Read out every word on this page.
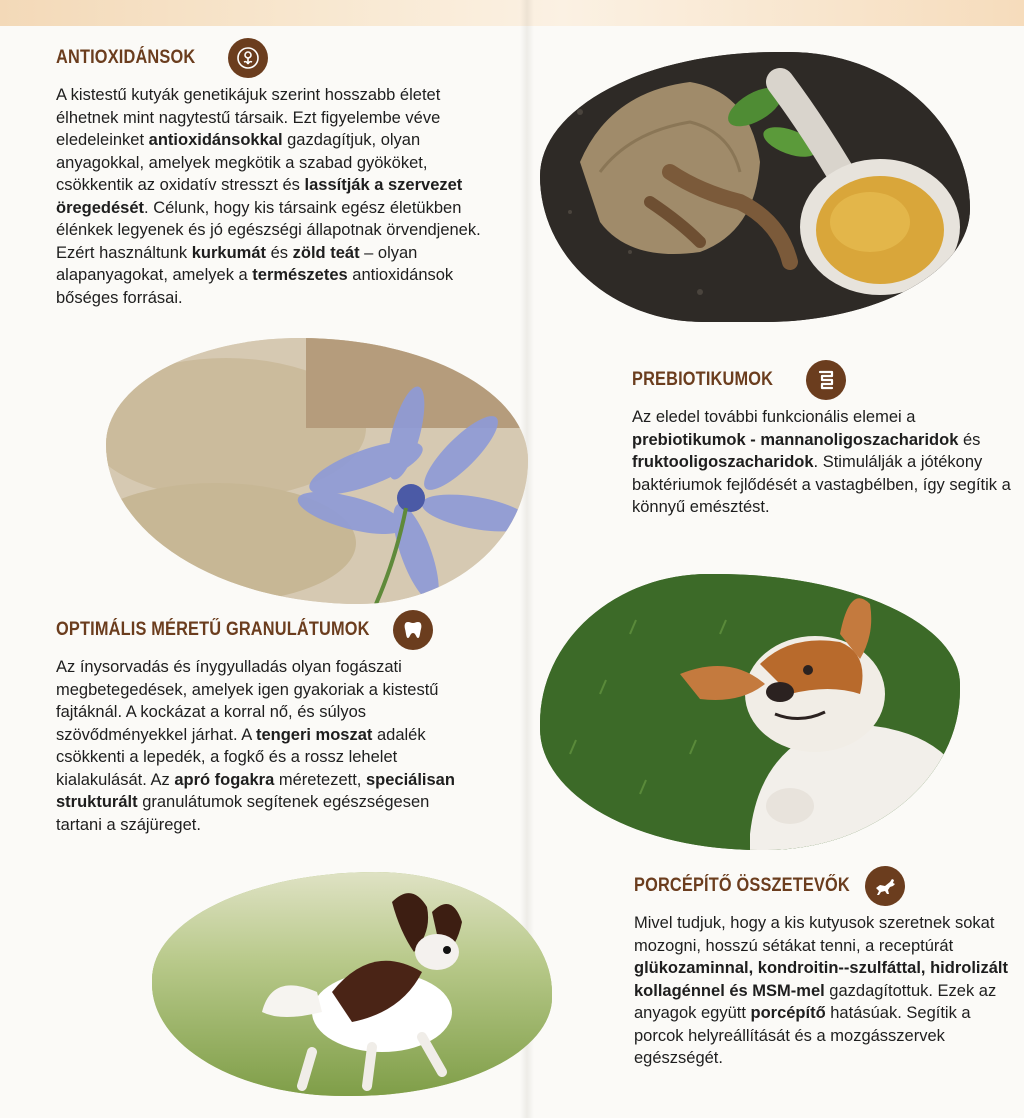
ANTIOXIDÁNSOK

A kistestű kutyák genetikájuk szerint hosszabb életet élhetnek mint nagytestű társaik. Ezt figyelembe véve eledeleinket antioxidánsokkal gazdagítjuk, olyan anyagokkal, amelyek megkötik a szabad gyököket, csökkentik az oxidatív stresszt és lassítják a szervezet öregedését. Célunk, hogy kis társaink egész életükben élénkek legyenek és jó egészségi állapotnak örvendjenek. Ezért használtunk kurkumát és zöld teát – olyan alapanyagokat, amelyek a természetes antioxidánsok bőséges forrásai.

PREBIOTIKUMOK

Az eledel további funkcionális elemei a prebiotikumok - mannanoligoszacharidok és fruktooligoszacharidok. Stimulálják a jótékony baktériumok fejlődését a vastagbélben, így segítik a könnyű emésztést.

OPTIMÁLIS MÉRETŰ GRANULÁTUMOK

Az ínysorvadás és ínygyulladás olyan fogászati megbetegedések, amelyek igen gyakoriak a kistestű fajtáknál. A kockázat a korral nő, és súlyos szövődményekkel járhat. A tengeri moszat adalék csökkenti a lepedék, a fogkő és a rossz lehelet kialakulását. Az apró fogakra méretezett, speciálisan strukturált granulátumok segítenek egészségesen tartani a szájüreget.

PORCÉPÍTŐ ÖSSZETEVŐK

Mivel tudjuk, hogy a kis kutyusok szeretnek sokat mozogni, hosszú sétákat tenni, a receptúrát glükozaminnal, kondroitin--szulfáttal, hidrolizált kollagénnel és MSM-mel gazdagítottuk. Ezek az anyagok együtt porcépítő hatásúak. Segítik a porcok helyreállítását és a mozgásszervek egészségét.
